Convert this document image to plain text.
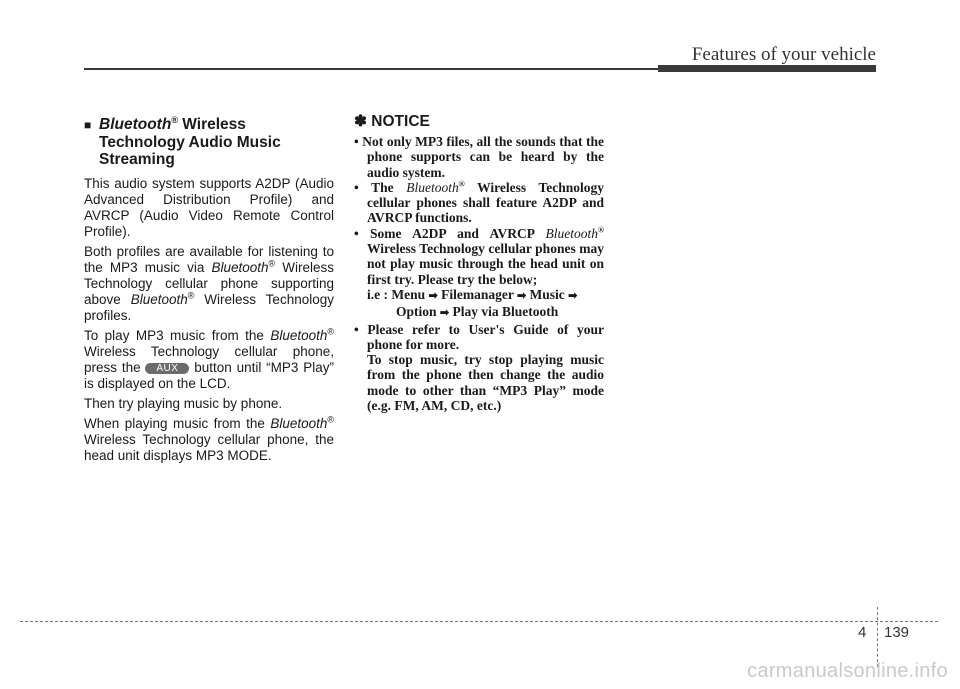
Features of your vehicle
■ Bluetooth® Wireless
Technology Audio Music
Streaming

This audio system supports A2DP (Audio Advanced Distribution Profile) and AVRCP (Audio Video Remote Control Profile).

Both profiles are available for listening to the MP3 music via Bluetooth® Wireless Technology cellular phone supporting above Bluetooth® Wireless Technology profiles.

To play MP3 music from the Bluetooth® Wireless Technology cellular phone, press the AUX button until “MP3 Play” is displayed on the LCD.

Then try playing music by phone.

When playing music from the Bluetooth® Wireless Technology cellular phone, the head unit displays MP3 MODE.

✽ NOTICE
• Not only MP3 files, all the sounds that the phone supports can be heard by the audio system.
• The Bluetooth® Wireless Technology cellular phones shall feature A2DP and AVRCP functions.
• Some A2DP and AVRCP Bluetooth® Wireless Technology cellular phones may not play music through the head unit on first try. Please try the below;
i.e : Menu ➡ Filemanager ➡ Music ➡
Option ➡ Play via Bluetooth
• Please refer to User's Guide of your phone for more.
To stop music, try stop playing music from the phone then change the audio mode to other than “MP3 Play” mode (e.g. FM, AM, CD, etc.)
4 139
carmanualsonline.info
